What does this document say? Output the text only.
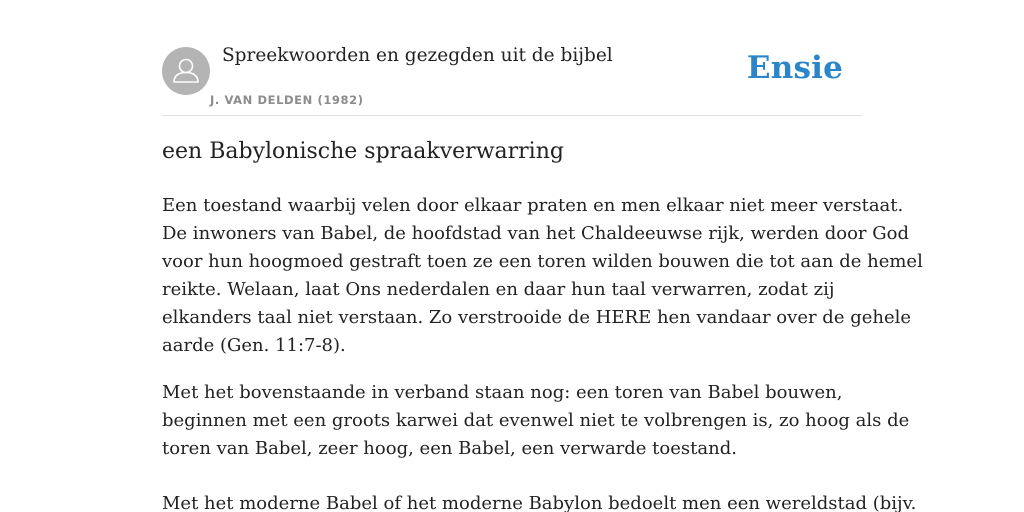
Spreekwoorden en gezegden uit de bijbel
J. VAN DELDEN (1982)
Ensie
een Babylonische spraakverwarring
Een toestand waarbij velen door elkaar praten en men elkaar niet meer verstaat.
De inwoners van Babel, de hoofdstad van het Chaldeeuwse rijk, werden door God
voor hun hoogmoed gestraft toen ze een toren wilden bouwen die tot aan de hemel
reikte. Welaan, laat Ons nederdalen en daar hun taal verwarren, zodat zij
elkanders taal niet verstaan. Zo verstrooide de HERE hen vandaar over de gehele
aarde (Gen. 11:7-8).
Met het bovenstaande in verband staan nog: een toren van Babel bouwen,
beginnen met een groots karwei dat evenwel niet te volbrengen is, zo hoog als de
toren van Babel, zeer hoog, een Babel, een verwarde toestand.
Met het moderne Babel of het moderne Babylon bedoelt men een wereldstad (bijv.
